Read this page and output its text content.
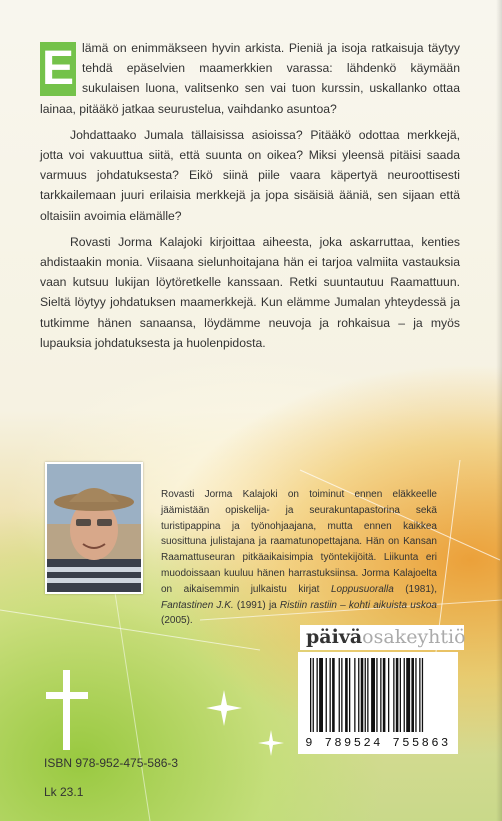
E lämä on enimmäkseen hyvin arkista. Pieniä ja isoja ratkaisuja täytyy tehdä epäselvien maamerkkien varassa: lähdenkö käymään sukulaisen luona, valitsenko sen vai tuon kurssin, uskallanko ottaa lainaa, pitääkö jatkaa seurustelua, vaihdanko asuntoa?

Johdattaako Jumala tällaisissa asioissa? Pitääkö odottaa merkkejä, jotta voi vakuuttua siitä, että suunta on oikea? Miksi yleensä pitäisi saada varmuus johdatuksesta? Eikö siinä piile vaara käpertyä neuroottisesti tarkkailemaan juuri erilaisia merkkejä ja jopa sisäisiä ääniä, sen sijaan että oltaisiin avoimia elämälle?

Rovasti Jorma Kalajoki kirjoittaa aiheesta, joka askarruttaa, kenties ahdistaakin monia. Viisaana sielunhoitajana hän ei tarjoa valmiita vastauksia vaan kutsuu lukijan löytöretkelle kanssaan. Retki suuntautuu Raamattuun. Sieltä löytyy johdatuksen maamerkkejä. Kun elämme Jumalan yhteydessä ja tutkimme hänen sanaansa, löydämme neuvoja ja rohkaisua – ja myös lupauksia johdatuksesta ja huolenpidosta.

Rovasti Jorma Kalajoki on toiminut ennen eläkkeelle jäämistään opiskelija- ja seurakuntapastorina sekä turistipappina ja työnohjaajana, mutta ennen kaikkea suosittuna julistajana ja raamatunopettajana. Hän on Kansan Raamattuseuran pitkäaikaisimpia työntekijöitä. Liikunta eri muodoissaan kuuluu hänen harrastuksiinsa. Jorma Kalajoelta on aikaisemmin julkaistu kirjat Loppusuoralla (1981), Fantastinen J.K. (1991) ja Ristiin rastiin – kohti aikuista uskoa (2005).
ISBN 978-952-475-586-3
Lk 23.1
päiväosakeyhtiö
9 789524 755863
